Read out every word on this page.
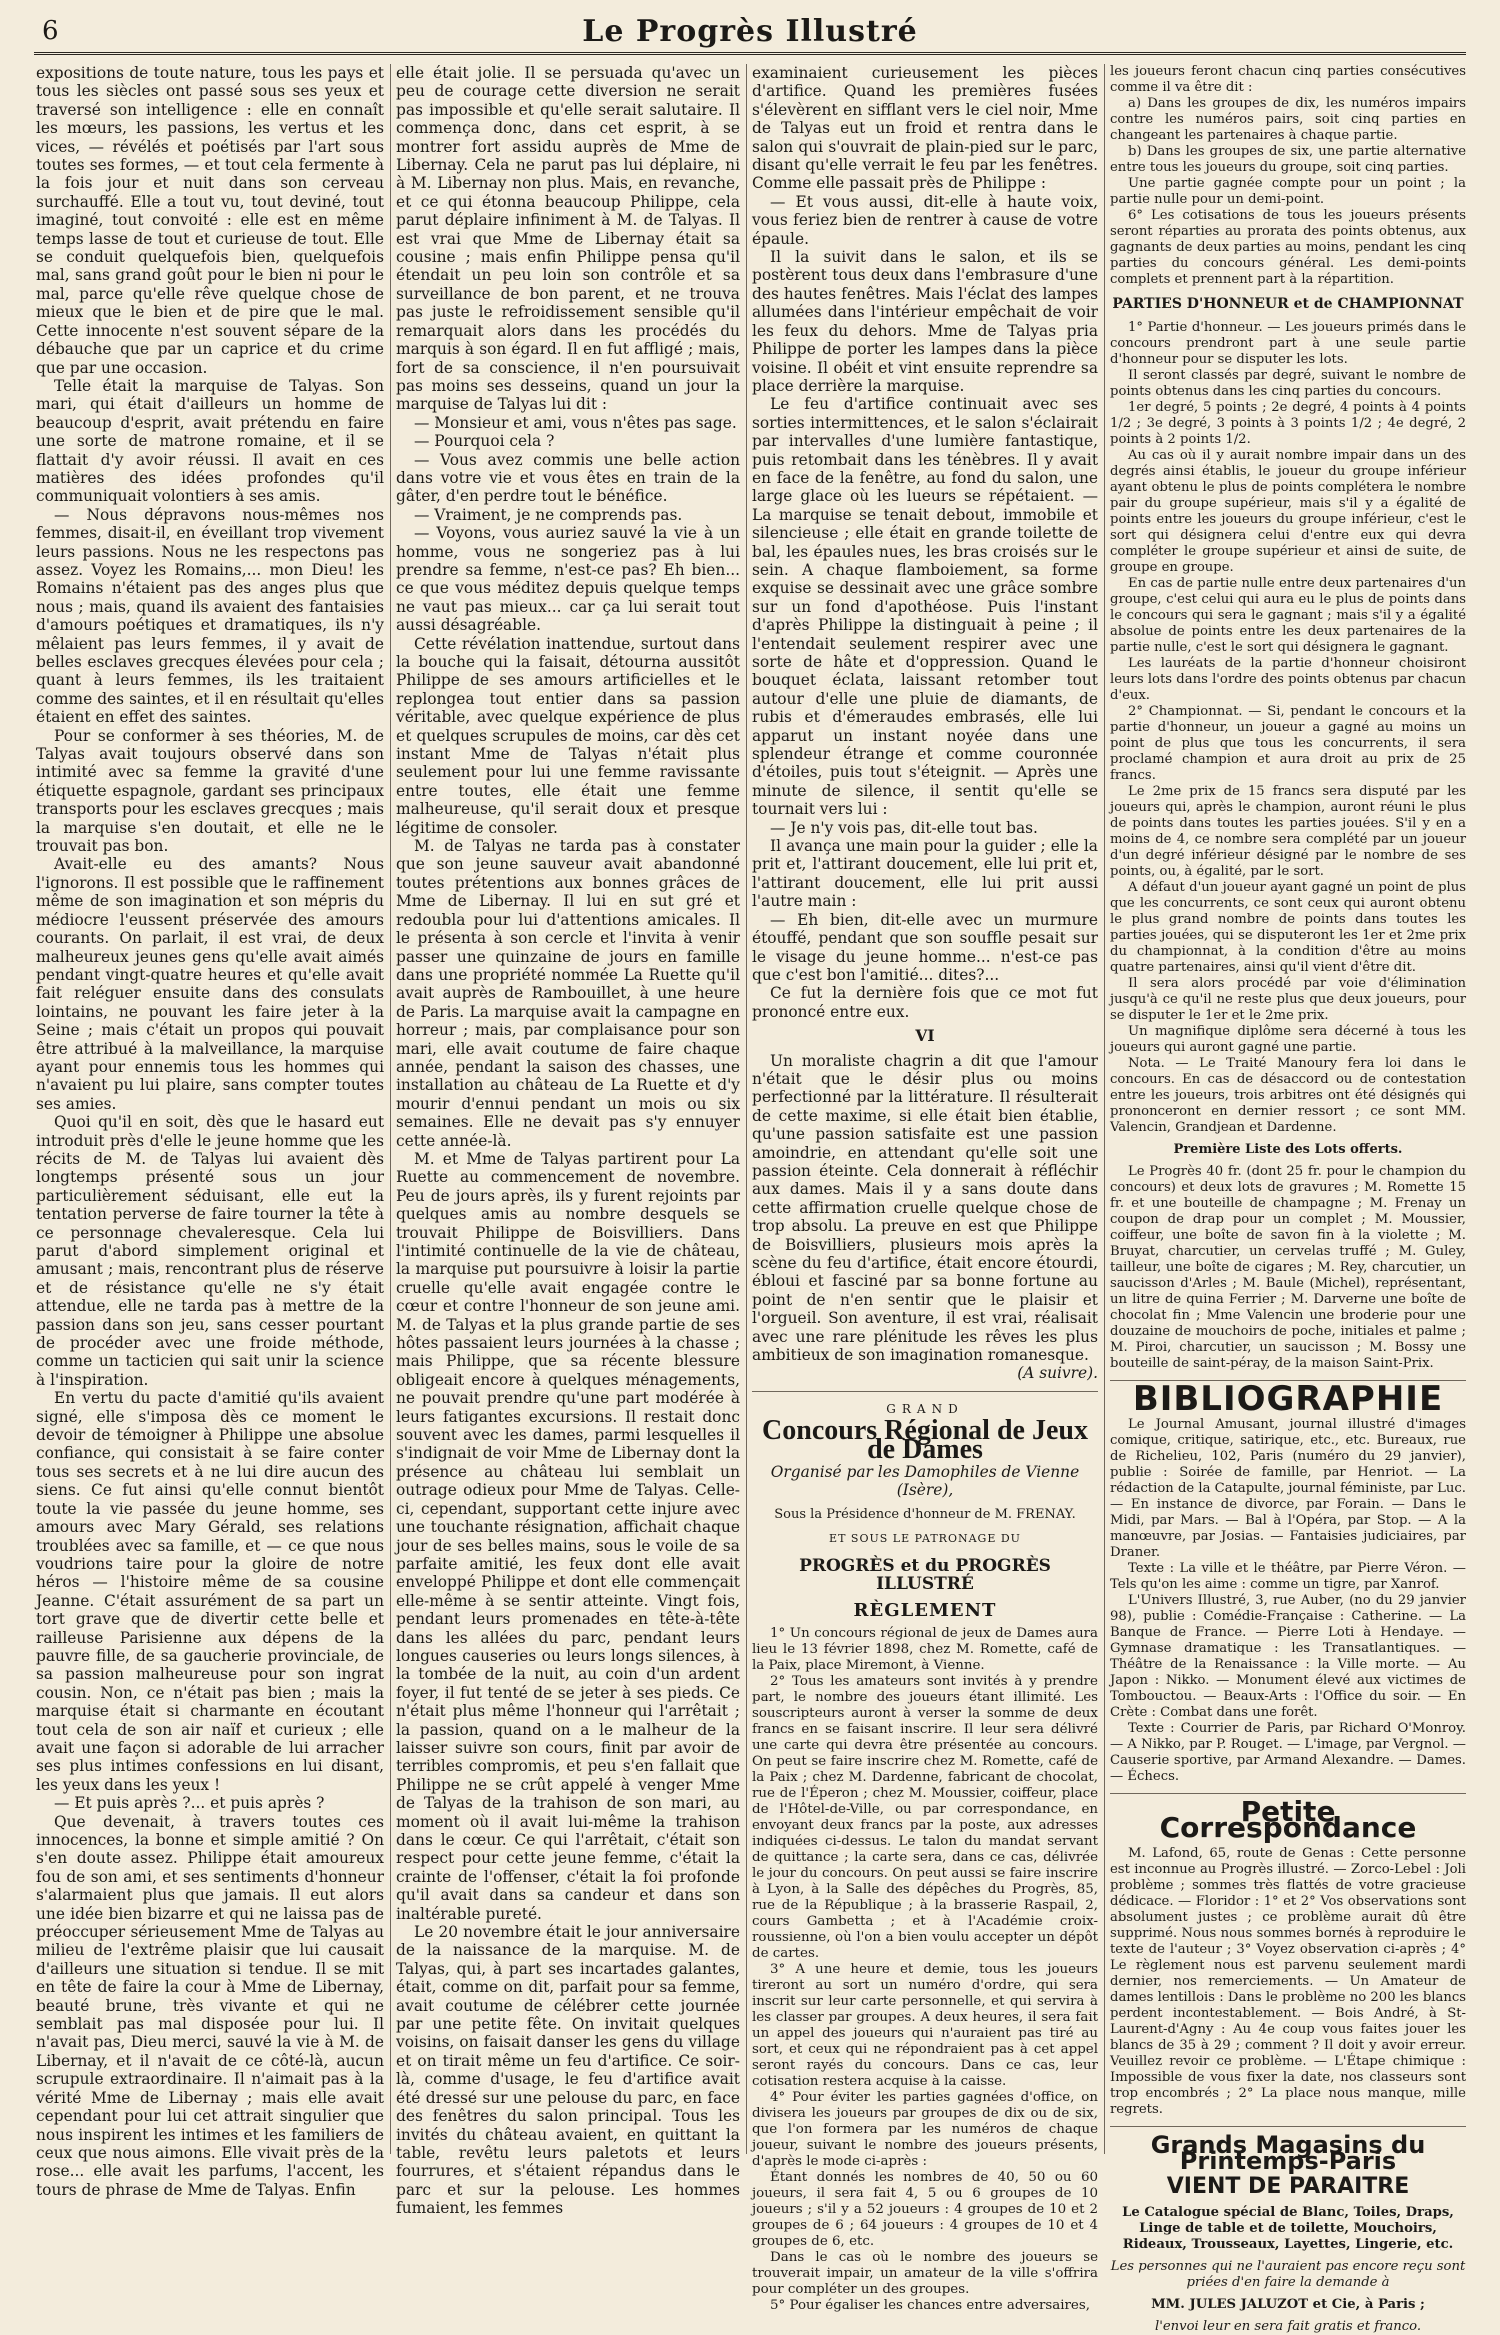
6	Le Progrès Illustré

expositions de toute nature, tous les pays et tous les siècles ont passé sous ses yeux et traversé son intelligence : elle en connaît les mœurs, les passions, les vertus et les vices, — révélés et poétisés par l'art sous toutes ses formes, — et tout cela fermente à la fois jour et nuit dans son cerveau surchauffé. Elle a tout vu, tout deviné, tout imaginé, tout convoité : elle est en même temps lasse de tout et curieuse de tout. Elle se conduit quelquefois bien, quelquefois mal, sans grand goût pour le bien ni pour le mal, parce qu'elle rêve quelque chose de mieux que le bien et de pire que le mal. Cette innocente n'est souvent sépare de la débauche que par un caprice et du crime que par une occasion.

Telle était la marquise de Talyas. Son mari, qui était d'ailleurs un homme de beaucoup d'esprit, avait prétendu en faire une sorte de matrone romaine, et il se flattait d'y avoir réussi. Il avait en ces matières des idées profondes qu'il communiquait volontiers à ses amis.

— Nous dépravons nous-mêmes nos femmes, disait-il, en éveillant trop vivement leurs passions. Nous ne les respectons pas assez. Voyez les Romains,... mon Dieu! les Romains n'étaient pas des anges plus que nous ; mais, quand ils avaient des fantaisies d'amours poétiques et dramatiques, ils n'y mêlaient pas leurs femmes, il y avait de belles esclaves grecques élevées pour cela ; quant à leurs femmes, ils les traitaient comme des saintes, et il en résultait qu'elles étaient en effet des saintes.

Pour se conformer à ses théories, M. de Talyas avait toujours observé dans son intimité avec sa femme la gravité d'une étiquette espagnole, gardant ses principaux transports pour les esclaves grecques ; mais la marquise s'en doutait, et elle ne le trouvait pas bon.

Avait-elle eu des amants? Nous l'ignorons. Il est possible que le raffinement même de son imagination et son mépris du médiocre l'eussent préservée des amours courants. On parlait, il est vrai, de deux malheureux jeunes gens qu'elle avait aimés pendant vingt-quatre heures et qu'elle avait fait reléguer ensuite dans des consulats lointains, ne pouvant les faire jeter à la Seine ; mais c'était un propos qui pouvait être attribué à la malveillance, la marquise ayant pour ennemis tous les hommes qui n'avaient pu lui plaire, sans compter toutes ses amies.

Quoi qu'il en soit, dès que le hasard eut introduit près d'elle le jeune homme que les récits de M. de Talyas lui avaient dès longtemps présenté sous un jour particulièrement séduisant, elle eut la tentation perverse de faire tourner la tête à ce personnage chevaleresque. Cela lui parut d'abord simplement original et amusant ; mais, rencontrant plus de réserve et de résistance qu'elle ne s'y était attendue, elle ne tarda pas à mettre de la passion dans son jeu, sans cesser pourtant de procéder avec une froide méthode, comme un tacticien qui sait unir la science à l'inspiration.

En vertu du pacte d'amitié qu'ils avaient signé, elle s'imposa dès ce moment le devoir de témoigner à Philippe une absolue confiance, qui consistait à se faire conter tous ses secrets et à ne lui dire aucun des siens. Ce fut ainsi qu'elle connut bientôt toute la vie passée du jeune homme, ses amours avec Mary Gérald, ses relations troublées avec sa famille, et — ce que nous voudrions taire pour la gloire de notre héros — l'histoire même de sa cousine Jeanne. C'était assurément de sa part un tort grave que de divertir cette belle et railleuse Parisienne aux dépens de la pauvre fille, de sa gaucherie provinciale, de sa passion malheureuse pour son ingrat cousin. Non, ce n'était pas bien ; mais la marquise était si charmante en écoutant tout cela de son air naïf et curieux ; elle avait une façon si adorable de lui arracher ses plus intimes confessions en lui disant, les yeux dans les yeux !

— Et puis après ?... et puis après ?

Que devenait, à travers toutes ces innocences, la bonne et simple amitié ? On s'en doute assez. Philippe était amoureux fou de son ami, et ses sentiments d'honneur s'alarmaient plus que jamais. Il eut alors une idée bien bizarre et qui ne laissa pas de préoccuper sérieusement Mme de Talyas au milieu de l'extrême plaisir que lui causait d'ailleurs une situation si tendue. Il se mit en tête de faire la cour à Mme de Libernay, beauté brune, très vivante et qui ne semblait pas mal disposée pour lui. Il n'avait pas, Dieu merci, sauvé la vie à M. de Libernay, et il n'avait de ce côté-là, aucun scrupule extraordinaire. Il n'aimait pas à la vérité Mme de Libernay ; mais elle avait cependant pour lui cet attrait singulier que nous inspirent les intimes et les familiers de ceux que nous aimons. Elle vivait près de la rose... elle avait les parfums, l'accent, les tours de phrase de Mme de Talyas. Enfin

elle était jolie. Il se persuada qu'avec un peu de courage cette diversion ne serait pas impossible et qu'elle serait salutaire. Il commença donc, dans cet esprit, à se montrer fort assidu auprès de Mme de Libernay. Cela ne parut pas lui déplaire, ni à M. Libernay non plus. Mais, en revanche, et ce qui étonna beaucoup Philippe, cela parut déplaire infiniment à M. de Talyas. Il est vrai que Mme de Libernay était sa cousine ; mais enfin Philippe pensa qu'il étendait un peu loin son contrôle et sa surveillance de bon parent, et ne trouva pas juste le refroidissement sensible qu'il remarquait alors dans les procédés du marquis à son égard. Il en fut affligé ; mais, fort de sa conscience, il n'en poursuivait pas moins ses desseins, quand un jour la marquise de Talyas lui dit :

— Monsieur et ami, vous n'êtes pas sage.

— Pourquoi cela ?

— Vous avez commis une belle action dans votre vie et vous êtes en train de la gâter, d'en perdre tout le bénéfice.

— Vraiment, je ne comprends pas.

— Voyons, vous auriez sauvé la vie à un homme, vous ne songeriez pas à lui prendre sa femme, n'est-ce pas? Eh bien... ce que vous méditez depuis quelque temps ne vaut pas mieux... car ça lui serait tout aussi désagréable.

Cette révélation inattendue, surtout dans la bouche qui la faisait, détourna aussitôt Philippe de ses amours artificielles et le replongea tout entier dans sa passion véritable, avec quelque expérience de plus et quelques scrupules de moins, car dès cet instant Mme de Talyas n'était plus seulement pour lui une femme ravissante entre toutes, elle était une femme malheureuse, qu'il serait doux et presque légitime de consoler.

M. de Talyas ne tarda pas à constater que son jeune sauveur avait abandonné toutes prétentions aux bonnes grâces de Mme de Libernay. Il lui en sut gré et redoubla pour lui d'attentions amicales. Il le présenta à son cercle et l'invita à venir passer une quinzaine de jours en famille dans une propriété nommée La Ruette qu'il avait auprès de Rambouillet, à une heure de Paris. La marquise avait la campagne en horreur ; mais, par complaisance pour son mari, elle avait coutume de faire chaque année, pendant la saison des chasses, une installation au château de La Ruette et d'y mourir d'ennui pendant un mois ou six semaines. Elle ne devait pas s'y ennuyer cette année-là.

M. et Mme de Talyas partirent pour La Ruette au commencement de novembre. Peu de jours après, ils y furent rejoints par quelques amis au nombre desquels se trouvait Philippe de Boisvilliers. Dans l'intimité continuelle de la vie de château, la marquise put poursuivre à loisir la partie cruelle qu'elle avait engagée contre le cœur et contre l'honneur de son jeune ami. M. de Talyas et la plus grande partie de ses hôtes passaient leurs journées à la chasse ; mais Philippe, que sa récente blessure obligeait encore à quelques ménagements, ne pouvait prendre qu'une part modérée à leurs fatigantes excursions. Il restait donc souvent avec les dames, parmi lesquelles il s'indignait de voir Mme de Libernay dont la présence au château lui semblait un outrage odieux pour Mme de Talyas. Celle-ci, cependant, supportant cette injure avec une touchante résignation, affichait chaque jour de ses belles mains, sous le voile de sa parfaite amitié, les feux dont elle avait enveloppé Philippe et dont elle commençait elle-même à se sentir atteinte. Vingt fois, pendant leurs promenades en tête-à-tête dans les allées du parc, pendant leurs longues causeries ou leurs longs silences, à la tombée de la nuit, au coin d'un ardent foyer, il fut tenté de se jeter à ses pieds. Ce n'était plus même l'honneur qui l'arrêtait ; la passion, quand on a le malheur de la laisser suivre son cours, finit par avoir de terribles compromis, et peu s'en fallait que Philippe ne se crût appelé à venger Mme de Talyas de la trahison de son mari, au moment où il avait lui-même la trahison dans le cœur. Ce qui l'arrêtait, c'était son respect pour cette jeune femme, c'était la crainte de l'offenser, c'était la foi profonde qu'il avait dans sa candeur et dans son inaltérable pureté.

Le 20 novembre était le jour anniversaire de la naissance de la marquise. M. de Talyas, qui, à part ses incartades galantes, était, comme on dit, parfait pour sa femme, avait coutume de célébrer cette journée par une petite fête. On invitait quelques voisins, on faisait danser les gens du village et on tirait même un feu d'artifice. Ce soir-là, comme d'usage, le feu d'artifice avait été dressé sur une pelouse du parc, en face des fenêtres du salon principal. Tous les invités du château avaient, en quittant la table, revêtu leurs paletots et leurs fourrures, et s'étaient répandus dans le parc et sur la pelouse. Les hommes fumaient, les femmes

examinaient curieusement les pièces d'artifice. Quand les premières fusées s'élevèrent en sifflant vers le ciel noir, Mme de Talyas eut un froid et rentra dans le salon qui s'ouvrait de plain-pied sur le parc, disant qu'elle verrait le feu par les fenêtres. Comme elle passait près de Philippe :

— Et vous aussi, dit-elle à haute voix, vous feriez bien de rentrer à cause de votre épaule.

Il la suivit dans le salon, et ils se postèrent tous deux dans l'embrasure d'une des hautes fenêtres. Mais l'éclat des lampes allumées dans l'intérieur empêchait de voir les feux du dehors. Mme de Talyas pria Philippe de porter les lampes dans la pièce voisine. Il obéit et vint ensuite reprendre sa place derrière la marquise.

Le feu d'artifice continuait avec ses sorties intermittences, et le salon s'éclairait par intervalles d'une lumière fantastique, puis retombait dans les ténèbres. Il y avait en face de la fenêtre, au fond du salon, une large glace où les lueurs se répétaient. — La marquise se tenait debout, immobile et silencieuse ; elle était en grande toilette de bal, les épaules nues, les bras croisés sur le sein. A chaque flamboiement, sa forme exquise se dessinait avec une grâce sombre sur un fond d'apothéose. Puis l'instant d'après Philippe la distinguait à peine ; il l'entendait seulement respirer avec une sorte de hâte et d'oppression. Quand le bouquet éclata, laissant retomber tout autour d'elle une pluie de diamants, de rubis et d'émeraudes embrasés, elle lui apparut un instant noyée dans une splendeur étrange et comme couronnée d'étoiles, puis tout s'éteignit. — Après une minute de silence, il sentit qu'elle se tournait vers lui :

— Je n'y vois pas, dit-elle tout bas.

Il avança une main pour la guider ; elle la prit et, l'attirant doucement, elle lui prit et, l'attirant doucement, elle lui prit aussi l'autre main :

— Eh bien, dit-elle avec un murmure étouffé, pendant que son souffle pesait sur le visage du jeune homme... n'est-ce pas que c'est bon l'amitié... dites?...

Ce fut la dernière fois que ce mot fut prononcé entre eux.

VI

Un moraliste chagrin a dit que l'amour n'était que le désir plus ou moins perfectionné par la littérature. Il résulterait de cette maxime, si elle était bien établie, qu'une passion satisfaite est une passion amoindrie, en attendant qu'elle soit une passion éteinte. Cela donnerait à réfléchir aux dames. Mais il y a sans doute dans cette affirmation cruelle quelque chose de trop absolu. La preuve en est que Philippe de Boisvilliers, plusieurs mois après la scène du feu d'artifice, était encore étourdi, ébloui et fasciné par sa bonne fortune au point de n'en sentir que le plaisir et l'orgueil. Son aventure, il est vrai, réalisait avec une rare plénitude les rêves les plus ambitieux de son imagination romanesque.

(A suivre).

GRAND
Concours Régional de Jeux de Dames
Organisé par les Damophiles de Vienne (Isère),
Sous la Présidence d'honneur de M. FRENAY.
ET SOUS LE PATRONAGE DU
PROGRÈS et du PROGRÈS ILLUSTRÉ
RÈGLEMENT

1° Un concours régional de jeux de Dames aura lieu le 13 février 1898, chez M. Romette, café de la Paix, place Miremont, à Vienne.

2° Tous les amateurs sont invités à y prendre part, le nombre des joueurs étant illimité. Les souscripteurs auront à verser la somme de deux francs en se faisant inscrire. Il leur sera délivré une carte qui devra être présentée au concours. On peut se faire inscrire chez M. Romette, café de la Paix ; chez M. Dardenne, fabricant de chocolat, rue de l'Éperon ; chez M. Moussier, coiffeur, place de l'Hôtel-de-Ville, ou par correspondance, en envoyant deux francs par la poste, aux adresses indiquées ci-dessus. Le talon du mandat servant de quittance ; la carte sera, dans ce cas, délivrée le jour du concours. On peut aussi se faire inscrire à Lyon, à la Salle des dépêches du Progrès, 85, rue de la République ; à la brasserie Raspail, 2, cours Gambetta ; et à l'Académie croix-roussienne, où l'on a bien voulu accepter un dépôt de cartes.

3° A une heure et demie, tous les joueurs tireront au sort un numéro d'ordre, qui sera inscrit sur leur carte personnelle, et qui servira à les classer par groupes. A deux heures, il sera fait un appel des joueurs qui n'auraient pas tiré au sort, et ceux qui ne répondraient pas à cet appel seront rayés du concours. Dans ce cas, leur cotisation restera acquise à la caisse.

4° Pour éviter les parties gagnées d'office, on divisera les joueurs par groupes de dix ou de six, que l'on formera par les numéros de chaque joueur, suivant le nombre des joueurs présents, d'après le mode ci-après :

Étant donnés les nombres de 40, 50 ou 60 joueurs, il sera fait 4, 5 ou 6 groupes de 10 joueurs ; s'il y a 52 joueurs : 4 groupes de 10 et 2 groupes de 6 ; 64 joueurs : 4 groupes de 10 et 4 groupes de 6, etc.

Dans le cas où le nombre des joueurs se trouverait impair, un amateur de la ville s'offrira pour compléter un des groupes.

5° Pour égaliser les chances entre adversaires,

les joueurs feront chacun cinq parties consécutives comme il va être dit :

a) Dans les groupes de dix, les numéros impairs contre les numéros pairs, soit cinq parties en changeant les partenaires à chaque partie.

b) Dans les groupes de six, une partie alternative entre tous les joueurs du groupe, soit cinq parties.

Une partie gagnée compte pour un point ; la partie nulle pour un demi-point.

6° Les cotisations de tous les joueurs présents seront réparties au prorata des points obtenus, aux gagnants de deux parties au moins, pendant les cinq parties du concours général. Les demi-points complets et prennent part à la répartition.

PARTIES D'HONNEUR et de CHAMPIONNAT

1° Partie d'honneur. — Les joueurs primés dans le concours prendront part à une seule partie d'honneur pour se disputer les lots.

Il seront classés par degré, suivant le nombre de points obtenus dans les cinq parties du concours.

1er degré, 5 points ; 2e degré, 4 points à 4 points 1/2 ; 3e degré, 3 points à 3 points 1/2 ; 4e degré, 2 points à 2 points 1/2.

Au cas où il y aurait nombre impair dans un des degrés ainsi établis, le joueur du groupe inférieur ayant obtenu le plus de points complétera le nombre pair du groupe supérieur, mais s'il y a égalité de points entre les joueurs du groupe inférieur, c'est le sort qui désignera celui d'entre eux qui devra compléter le groupe supérieur et ainsi de suite, de groupe en groupe.

En cas de partie nulle entre deux partenaires d'un groupe, c'est celui qui aura eu le plus de points dans le concours qui sera le gagnant ; mais s'il y a égalité absolue de points entre les deux partenaires de la partie nulle, c'est le sort qui désignera le gagnant.

Les lauréats de la partie d'honneur choisiront leurs lots dans l'ordre des points obtenus par chacun d'eux.

2° Championnat. — Si, pendant le concours et la partie d'honneur, un joueur a gagné au moins un point de plus que tous les concurrents, il sera proclamé champion et aura droit au prix de 25 francs.

Le 2me prix de 15 francs sera disputé par les joueurs qui, après le champion, auront réuni le plus de points dans toutes les parties jouées. S'il y en a moins de 4, ce nombre sera complété par un joueur d'un degré inférieur désigné par le nombre de ses points, ou, à égalité, par le sort.

A défaut d'un joueur ayant gagné un point de plus que les concurrents, ce sont ceux qui auront obtenu le plus grand nombre de points dans toutes les parties jouées, qui se disputeront les 1er et 2me prix du championnat, à la condition d'être au moins quatre partenaires, ainsi qu'il vient d'être dit.

Il sera alors procédé par voie d'élimination jusqu'à ce qu'il ne reste plus que deux joueurs, pour se disputer le 1er et le 2me prix.

Un magnifique diplôme sera décerné à tous les joueurs qui auront gagné une partie.

Nota. — Le Traité Manoury fera loi dans le concours. En cas de désaccord ou de contestation entre les joueurs, trois arbitres ont été désignés qui prononceront en dernier ressort ; ce sont MM. Valencin, Grandjean et Dardenne.

Première Liste des Lots offerts.

Le Progrès 40 fr. (dont 25 fr. pour le champion du concours) et deux lots de gravures ; M. Romette 15 fr. et une bouteille de champagne ; M. Frenay un coupon de drap pour un complet ; M. Moussier, coiffeur, une boîte de savon fin à la violette ; M. Bruyat, charcutier, un cervelas truffé ; M. Guley, tailleur, une boîte de cigares ; M. Rey, charcutier, un saucisson d'Arles ; M. Baule (Michel), représentant, un litre de quina Ferrier ; M. Darverne une boîte de chocolat fin ; Mme Valencin une broderie pour une douzaine de mouchoirs de poche, initiales et palme ; M. Piroi, charcutier, un saucisson ; M. Bossy une bouteille de saint-péray, de la maison Saint-Prix.

BIBLIOGRAPHIE

Le Journal Amusant, journal illustré d'images comique, critique, satirique, etc., etc. Bureaux, rue de Richelieu, 102, Paris (numéro du 29 janvier), publie : Soirée de famille, par Henriot. — La rédaction de la Catapulte, journal féministe, par Luc. — En instance de divorce, par Forain. — Dans le Midi, par Mars. — Bal à l'Opéra, par Stop. — A la manœuvre, par Josias. — Fantaisies judiciaires, par Draner.

Texte : La ville et le théâtre, par Pierre Véron. — Tels qu'on les aime : comme un tigre, par Xanrof.

L'Univers Illustré, 3, rue Auber, (no du 29 janvier 98), publie : Comédie-Française : Catherine. — La Banque de France. — Pierre Loti à Hendaye. — Gymnase dramatique : les Transatlantiques. — Théâtre de la Renaissance : la Ville morte. — Au Japon : Nikko. — Monument élevé aux victimes de Tombouctou. — Beaux-Arts : l'Office du soir. — En Crète : Combat dans une forêt.

Texte : Courrier de Paris, par Richard O'Monroy. — A Nikko, par P. Rouget. — L'image, par Vergnol. — Causerie sportive, par Armand Alexandre. — Dames. — Échecs.

Petite Correspondance

M. Lafond, 65, route de Genas : Cette personne est inconnue au Progrès illustré. — Zorco-Lebel : Joli problème ; sommes très flattés de votre gracieuse dédicace. — Floridor : 1° et 2° Vos observations sont absolument justes ; ce problème aurait dû être supprimé. Nous nous sommes bornés à reproduire le texte de l'auteur ; 3° Voyez observation ci-après ; 4° Le règlement nous est parvenu seulement mardi dernier, nos remerciements. — Un Amateur de dames lentillois : Dans le problème no 200 les blancs perdent incontestablement. — Bois André, à St-Laurent-d'Agny : Au 4e coup vous faites jouer les blancs de 35 à 29 ; comment ? Il doit y avoir erreur. Veuillez revoir ce problème. — L'Étape chimique : Impossible de vous fixer la date, nos classeurs sont trop encombrés ; 2° La place nous manque, mille regrets.

Grands Magasins du Printemps-Paris
VIENT DE PARAITRE

Le Catalogue spécial de Blanc, Toiles, Draps, Linge de table et de toilette, Mouchoirs, Rideaux, Trousseaux, Layettes, Lingerie, etc.

Les personnes qui ne l'auraient pas encore reçu sont priées d'en faire la demande à

MM. JULES JALUZOT et Cie, à Paris ;

l'envoi leur en sera fait gratis et franco.
